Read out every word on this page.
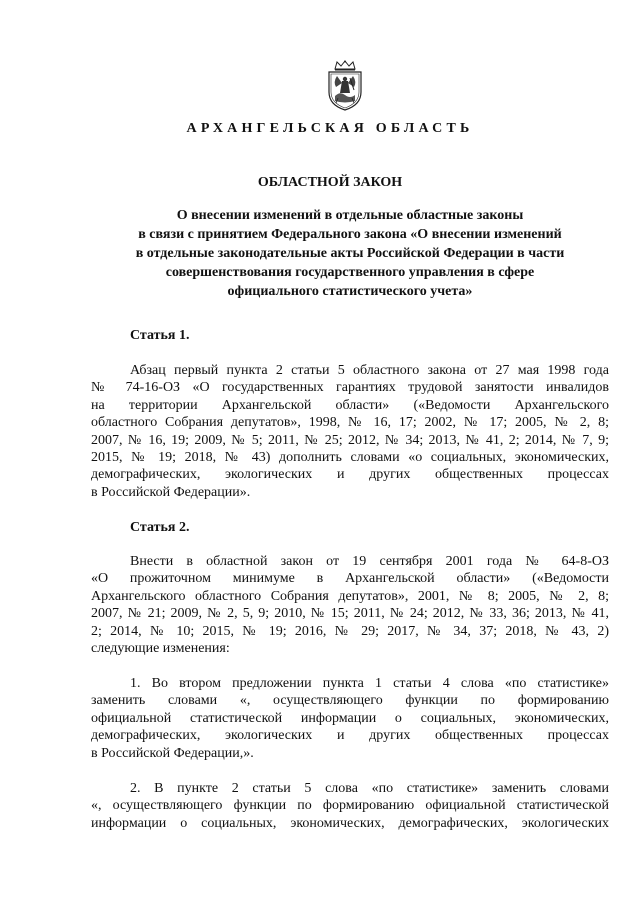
АРХАНГЕЛЬСКАЯ ОБЛАСТЬ
ОБЛАСТНОЙ ЗАКОН
О внесении изменений в отдельные областные законы
в связи с принятием Федерального закона «О внесении изменений
в отдельные законодательные акты Российской Федерации в части
совершенствования государственного управления в сфере
официального статистического учета»
Статья 1.
Абзац первый пункта 2 статьи 5 областного закона от 27 мая 1998 года
№ 74-16-ОЗ «О государственных гарантиях трудовой занятости инвалидов
на территории Архангельской области» («Ведомости Архангельского
областного Собрания депутатов», 1998, № 16, 17; 2002, № 17; 2005, № 2, 8;
2007, № 16, 19; 2009, № 5; 2011, № 25; 2012, № 34; 2013, № 41, 2; 2014, № 7, 9;
2015, № 19; 2018, № 43) дополнить словами «о социальных, экономических,
демографических, экологических и других общественных процессах
в Российской Федерации».
Статья 2.
Внести в областной закон от 19 сентября 2001 года № 64-8-ОЗ
«О прожиточном минимуме в Архангельской области» («Ведомости
Архангельского областного Собрания депутатов», 2001, № 8; 2005, № 2, 8;
2007, № 21; 2009, № 2, 5, 9; 2010, № 15; 2011, № 24; 2012, № 33, 36; 2013, № 41,
2; 2014, № 10; 2015, № 19; 2016, № 29; 2017, № 34, 37; 2018, № 43, 2)
следующие изменения:
1. Во втором предложении пункта 1 статьи 4 слова «по статистике»
заменить словами «, осуществляющего функции по формированию
официальной статистической информации о социальных, экономических,
демографических, экологических и других общественных процессах
в Российской Федерации,».
2. В пункте 2 статьи 5 слова «по статистике» заменить словами
«, осуществляющего функции по формированию официальной статистической
информации о социальных, экономических, демографических, экологических
